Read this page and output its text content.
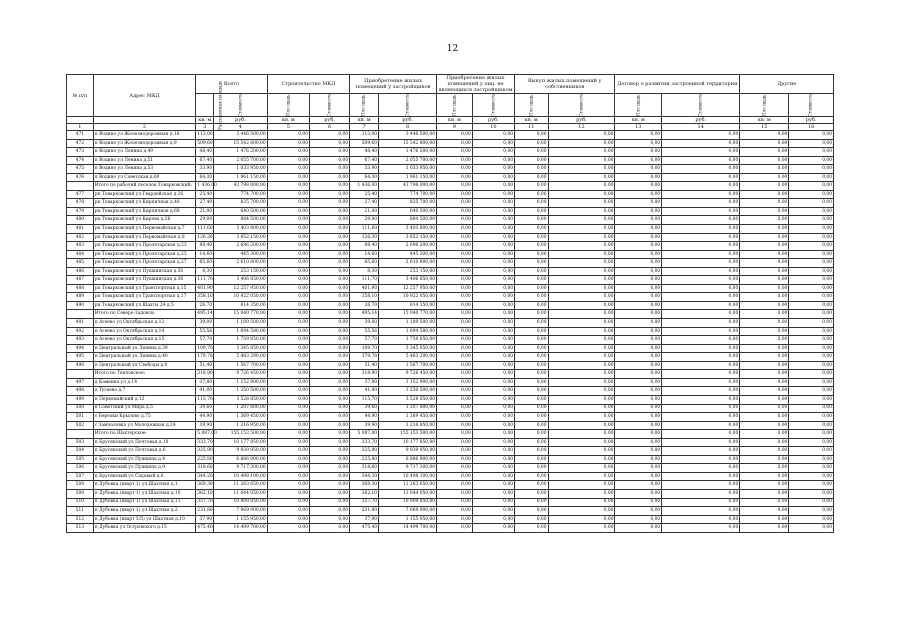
12
№ п/п	Адрес МКД	Всего		Строительство МКД		Приобретение жилых помещений у застройщиков		Приобретение жилых помещений у лиц, не являющихся застройщиком		Выкуп жилых помещений у собственников		Договор о развитии застроенной территории		Другие	
		Расселяемая площадь	Стоимость	Пло щадь	Стоимость	Пло щадь	Стоимость	Пло щадь	Стоимость	Пло щадь	Стоимость	Пло щадь	Стоимость	Пло щадь	Стоимость
		кв. м	руб.	кв. м	руб.	кв. м	руб.	кв. м	руб.	кв. м	руб.	кв. м	руб.	кв. м	руб.
1	2	3	4	5	6	7	8	9	10	11	12	13	14	15	16
471	п Водино ул Железнодорожная д.16	113,00	3 446 500,00	0,00	0,00	113,00	3 446 500,00	0,00	0,00	0,00	0,00	0,00	0,00	0,00	0,00
472	п Водино ул Железнодорожная д.9	509,60	15 542 800,00	0,00	0,00	509,60	15 542 800,00	0,00	0,00	0,00	0,00	0,00	0,00	0,00	0,00
473	п Водино ул Ленина д.49	48,40	1 476 200,00	0,00	0,00	48,40	1 476 200,00	0,00	0,00	0,00	0,00	0,00	0,00	0,00	0,00
474	п Водино ул Ленина д.51	67,40	2 055 700,00	0,00	0,00	67,40	2 055 700,00	0,00	0,00	0,00	0,00	0,00	0,00	0,00	0,00
475	п Водино ул Ленина д.53	33,90	1 033 950,00	0,00	0,00	33,90	1 033 950,00	0,00	0,00	0,00	0,00	0,00	0,00	0,00	0,00
476	п Водино ул Советская д.60	64,30	1 961 150,00	0,00	0,00	64,30	1 961 150,00	0,00	0,00	0,00	0,00	0,00	0,00	0,00	0,00
	Итого по рабочий поселок Товарковский:	1 436,00	43 798 000,00	0,00	0,00	1 436,00	43 798 000,00	0,00	0,00	0,00	0,00	0,00	0,00	0,00	0,00
477	рп Товарковский ул Гвардейская д.26	25,40	774 700,00	0,00	0,00	25,40	774 700,00	0,00	0,00	0,00	0,00	0,00	0,00	0,00	0,00
478	рп Товарковский ул Кирпичная д.48	27,40	835 700,00	0,00	0,00	27,40	835 700,00	0,00	0,00	0,00	0,00	0,00	0,00	0,00	0,00
479	рп Товарковский ул Кирпичная д.68	21,00	640 500,00	0,00	0,00	21,00	640 500,00	0,00	0,00	0,00	0,00	0,00	0,00	0,00	0,00
480	рп Товарковский ул Кирова д.36	29,00	884 500,00	0,00	0,00	29,00	884 500,00	0,00	0,00	0,00	0,00	0,00	0,00	0,00	0,00
481	рп Товарковский ул Первомайская д.7	111,60	3 403 800,00	0,00	0,00	111,60	3 403 800,00	0,00	0,00	0,00	0,00	0,00	0,00	0,00	0,00
482	рп Товарковский ул Первомайская д.8	126,30	3 852 150,00	0,00	0,00	126,30	3 852 150,00	0,00	0,00	0,00	0,00	0,00	0,00	0,00	0,00
483	рп Товарковский ул Пролетарская д.23	88,40	2 696 200,00	0,00	0,00	88,40	2 696 200,00	0,00	0,00	0,00	0,00	0,00	0,00	0,00	0,00
484	рп Товарковский ул Пролетарская д.25	14,60	445 300,00	0,00	0,00	14,60	445 300,00	0,00	0,00	0,00	0,00	0,00	0,00	0,00	0,00
485	рп Товарковский ул Пролетарская д.27	85,60	2 610 800,00	0,00	0,00	85,60	2 610 800,00	0,00	0,00	0,00	0,00	0,00	0,00	0,00	0,00
486	рп Товарковский ул Пушкинская д.30	8,30	253 150,00	0,00	0,00	8,30	253 150,00	0,00	0,00	0,00	0,00	0,00	0,00	0,00	0,00
487	рп Товарковский ул Пушкинская д.36	111,70	3 406 850,00	0,00	0,00	111,70	3 406 850,00	0,00	0,00	0,00	0,00	0,00	0,00	0,00	0,00
488	рп Товарковский ул Транспортная д.15	401,90	12 257 950,00	0,00	0,00	401,90	12 257 950,00	0,00	0,00	0,00	0,00	0,00	0,00	0,00	0,00
489	рп Товарковский ул Транспортная д.17	358,10	10 922 050,00	0,00	0,00	358,10	10 922 050,00	0,00	0,00	0,00	0,00	0,00	0,00	0,00	0,00
490	рп Товарковский ул Шахты 24 д.5	26,70	814 350,00	0,00	0,00	26,70	814 350,00	0,00	0,00	0,00	0,00	0,00	0,00	0,00	0,00
	Итого по Северо-Задонск:	495,14	15 040 770,00	0,00	0,00	495,14	15 040 770,00	0,00	0,00	0,00	0,00	0,00	0,00	0,00	0,00
491	п Агеево ул Октябрьская д.12	39,00	1 189 500,00	0,00	0,00	39,00	1 189 500,00	0,00	0,00	0,00	0,00	0,00	0,00	0,00	0,00
492	п Агеево ул Октябрьская д.14	55,56	1 694 580,00	0,00	0,00	55,56	1 694 580,00	0,00	0,00	0,00	0,00	0,00	0,00	0,00	0,00
493	п Агеево ул Октябрьская д.15	57,70	1 759 850,00	0,00	0,00	57,70	1 759 850,00	0,00	0,00	0,00	0,00	0,00	0,00	0,00	0,00
494	п Центральный ул Ленина д.39	109,70	3 345 850,00	0,00	0,00	109,70	3 345 850,00	0,00	0,00	0,00	0,00	0,00	0,00	0,00	0,00
495	п Центральный ул Ленина д.40	179,78	5 483 290,00	0,00	0,00	179,78	5 483 290,00	0,00	0,00	0,00	0,00	0,00	0,00	0,00	0,00
496	п Центральный ул Свободы д.8	51,40	1 567 700,00	0,00	0,00	51,40	1 567 700,00	0,00	0,00	0,00	0,00	0,00	0,00	0,00	0,00
	Итого по Тепловское:	318,90	9 726 450,00	0,00	0,00	318,90	9 726 450,00	0,00	0,00	0,00	0,00	0,00	0,00	0,00	0,00
497	д Каменка ул д.14	37,80	1 152 900,00	0,00	0,00	37,80	1 152 900,00	0,00	0,00	0,00	0,00	0,00	0,00	0,00	0,00
498	д Тугаево д.7	41,00	1 250 500,00	0,00	0,00	41,00	1 250 500,00	0,00	0,00	0,00	0,00	0,00	0,00	0,00	0,00
499	п Первомайский д.12	115,70	3 528 850,00	0,00	0,00	115,70	3 528 850,00	0,00	0,00	0,00	0,00	0,00	0,00	0,00	0,00
500	п Советский ул Мира д.5	39,60	1 207 800,00	0,00	0,00	39,60	1 207 800,00	0,00	0,00	0,00	0,00	0,00	0,00	0,00	0,00
501	с Березки Крылово д.75	44,90	1 369 450,00	0,00	0,00	44,90	1 369 450,00	0,00	0,00	0,00	0,00	0,00	0,00	0,00	0,00
502	с Замчаловка ул Молодежная д.24	39,90	1 216 950,00	0,00	0,00	39,90	1 216 950,00	0,00	0,00	0,00	0,00	0,00	0,00	0,00	0,00
	Итого по Шахтерское:	5 087,00	155 153 500,00	0,00	0,00	5 087,00	155 153 500,00	0,00	0,00	0,00	0,00	0,00	0,00	0,00	0,00
503	п Брусянский ул Почтовая д.10	333,70	10 177 850,00	0,00	0,00	333,70	10 177 850,00	0,00	0,00	0,00	0,00	0,00	0,00	0,00	0,00
504	п Брусянский ул Почтовая д.6	325,90	9 939 950,00	0,00	0,00	325,90	9 939 950,00	0,00	0,00	0,00	0,00	0,00	0,00	0,00	0,00
505	п Брусянский ул Пушкина д.4	225,80	6 886 900,00	0,00	0,00	225,80	6 886 900,00	0,00	0,00	0,00	0,00	0,00	0,00	0,00	0,00
506	п Брусянский ул Пушкина д.9	318,60	9 717 300,00	0,00	0,00	318,60	9 717 300,00	0,00	0,00	0,00	0,00	0,00	0,00	0,00	0,00
507	п Брусянский ул Садовый д.6	344,20	10 498 100,00	0,00	0,00	344,20	10 498 100,00	0,00	0,00	0,00	0,00	0,00	0,00	0,00	0,00
508	п Дубовка (кварт 1) ул Шахтная д.1	369,30	11 263 650,00	0,00	0,00	369,30	11 263 650,00	0,00	0,00	0,00	0,00	0,00	0,00	0,00	0,00
509	п Дубовка (кварт 1) ул Шахтная д.10	362,10	11 044 050,00	0,00	0,00	362,10	11 044 050,00	0,00	0,00	0,00	0,00	0,00	0,00	0,00	0,00
510	п Дубовка (кварт 1) ул Шахтная д.11	357,70	10 909 850,00	0,00	0,00	357,70	10 909 850,00	0,00	0,00	0,00	0,00	0,00	0,00	0,00	0,00
511	п Дубовка (кварт 1) ул Шахтная д.2	231,80	7 069 900,00	0,00	0,00	231,80	7 069 900,00	0,00	0,00	0,00	0,00	0,00	0,00	0,00	0,00
512	п Дубовка (кварт 5/5) ул Шахтная д.10	37,90	1 155 950,00	0,00	0,00	37,90	1 155 950,00	0,00	0,00	0,00	0,00	0,00	0,00	0,00	0,00
513	п Дубовка ул Островского д.15	475,40	14 499 700,00	0,00	0,00	475,40	14 499 700,00	0,00	0,00	0,00	0,00	0,00	0,00	0,00	0,00
